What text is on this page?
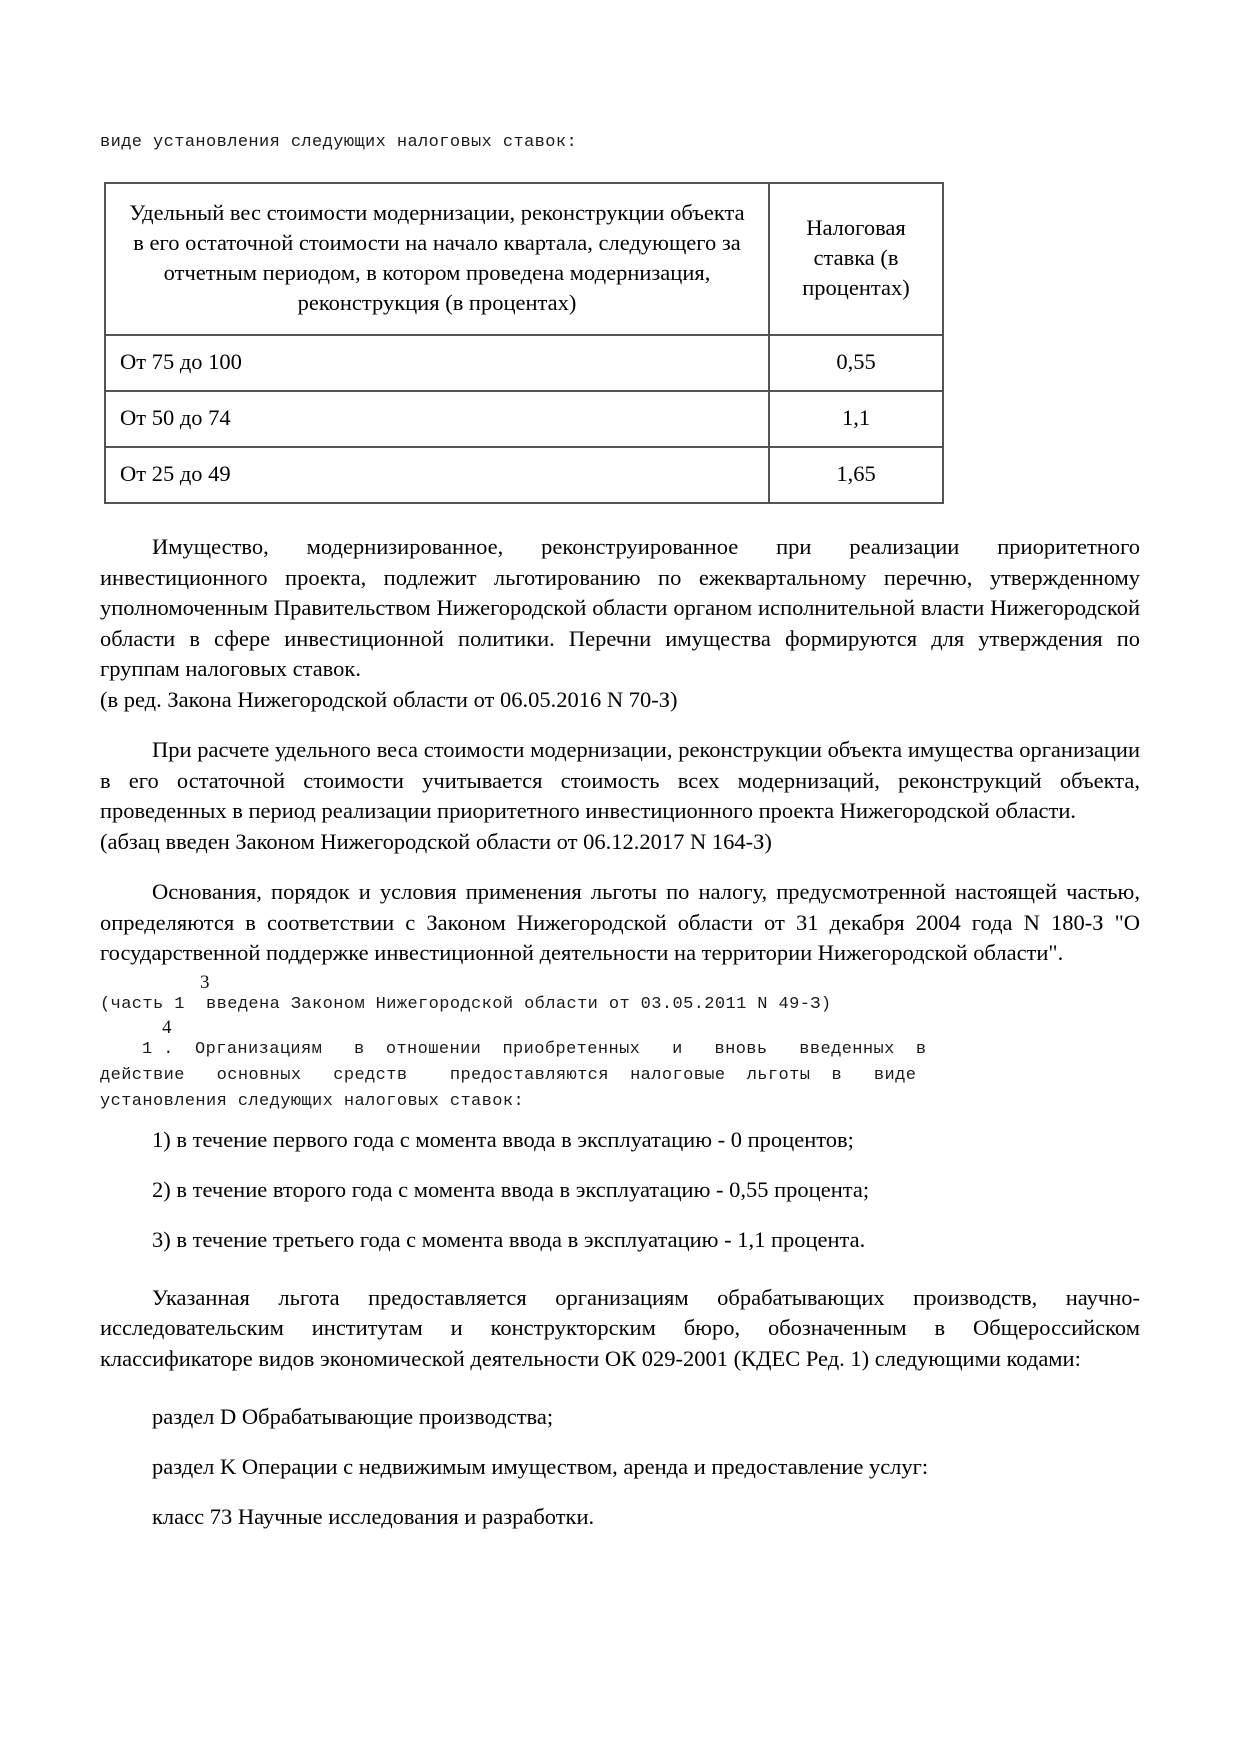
виде установления следующих налоговых ставок:

Удельный вес стоимости модернизации, реконструкции объекта в его остаточной стоимости на начало квартала, следующего за отчетным периодом, в котором проведена модернизация, реконструкция (в процентах)	Налоговая ставка (в процентах)
От 75 до 100	0,55
От 50 до 74	1,1
От 25 до 49	1,65

Имущество, модернизированное, реконструированное при реализации приоритетного инвестиционного проекта, подлежит льготированию по ежеквартальному перечню, утвержденному уполномоченным Правительством Нижегородской области органом исполнительной власти Нижегородской области в сфере инвестиционной политики. Перечни имущества формируются для утверждения по группам налоговых ставок.

(в ред. Закона Нижегородской области от 06.05.2016 N 70-З)

При расчете удельного веса стоимости модернизации, реконструкции объекта имущества организации в его остаточной стоимости учитывается стоимость всех модернизаций, реконструкций объекта, проведенных в период реализации приоритетного инвестиционного проекта Нижегородской области.

(абзац введен Законом Нижегородской области от 06.12.2017 N 164-З)

Основания, порядок и условия применения льготы по налогу, предусмотренной настоящей частью, определяются в соответствии с Законом Нижегородской области от 31 декабря 2004 года N 180-З "О государственной поддержке инвестиционной деятельности на территории Нижегородской области".

3

(часть 1  введена Законом Нижегородской области от 03.05.2011 N 49-З)

4

1 .  Организациям   в  отношении  приобретенных   и   вновь   введенных  в

действие   основных   средств    предоставляются  налоговые  льготы  в   виде

установления следующих налоговых ставок:

1) в течение первого года с момента ввода в эксплуатацию - 0 процентов;

2) в течение второго года с момента ввода в эксплуатацию - 0,55 процента;

3) в течение третьего года с момента ввода в эксплуатацию - 1,1 процента.

Указанная льгота предоставляется организациям обрабатывающих производств, научно-исследовательским институтам и конструкторским бюро, обозначенным в Общероссийском классификаторе видов экономической деятельности ОК 029-2001 (КДЕС Ред. 1) следующими кодами:

раздел D Обрабатывающие производства;

раздел K Операции с недвижимым имуществом, аренда и предоставление услуг:

класс 73 Научные исследования и разработки.
